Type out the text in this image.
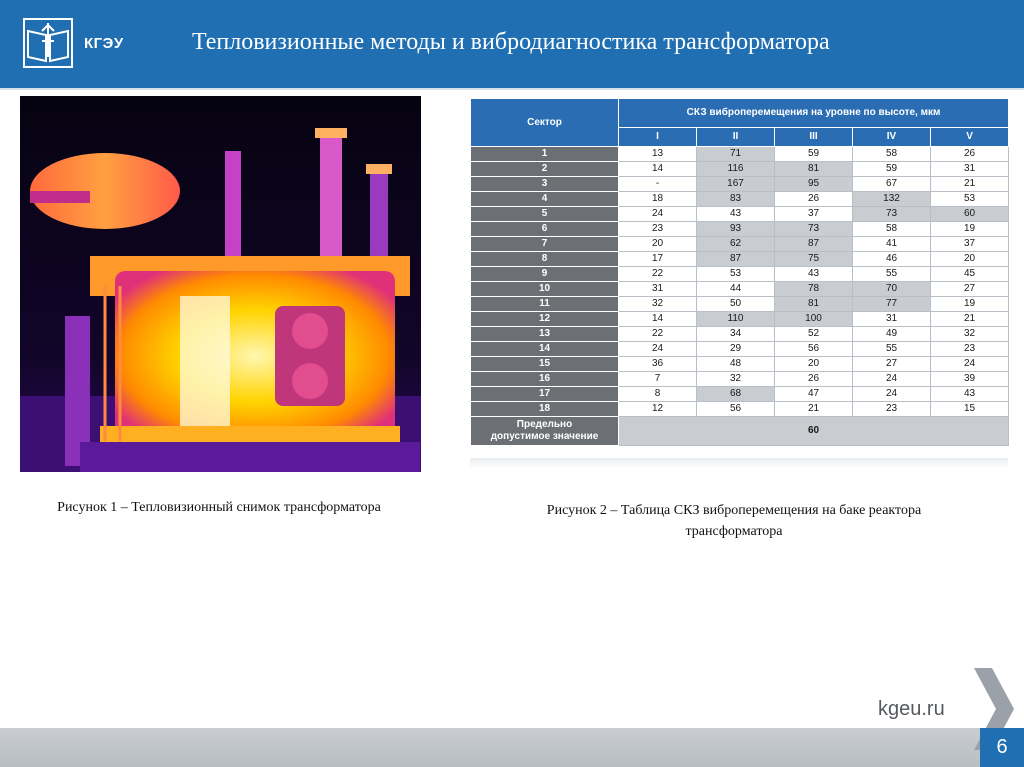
КГЭУ	Тепловизионные методы и вибродиагностика трансформатора
Сектор	СКЗ виброперемещения на уровне по высоте, мкм				
	I	II	III	IV	V
1	13	71	59	58	26
2	14	116	81	59	31
3	-	167	95	67	21
4	18	83	26	132	53
5	24	43	37	73	60
6	23	93	73	58	19
7	20	62	87	41	37
8	17	87	75	46	20
9	22	53	43	55	45
10	31	44	78	70	27
11	32	50	81	77	19
12	14	110	100	31	21
13	22	34	52	49	32
14	24	29	56	55	23
15	36	48	20	27	24
16	7	32	26	24	39
17	8	68	47	24	43
18	12	56	21	23	15
Предельно
допустимое значение	60				
Рисунок 1 – Тепловизионный снимок трансформатора	Рисунок 2 – Таблица СКЗ виброперемещения на баке реактора
трансформатора
kgeu.ru
6
